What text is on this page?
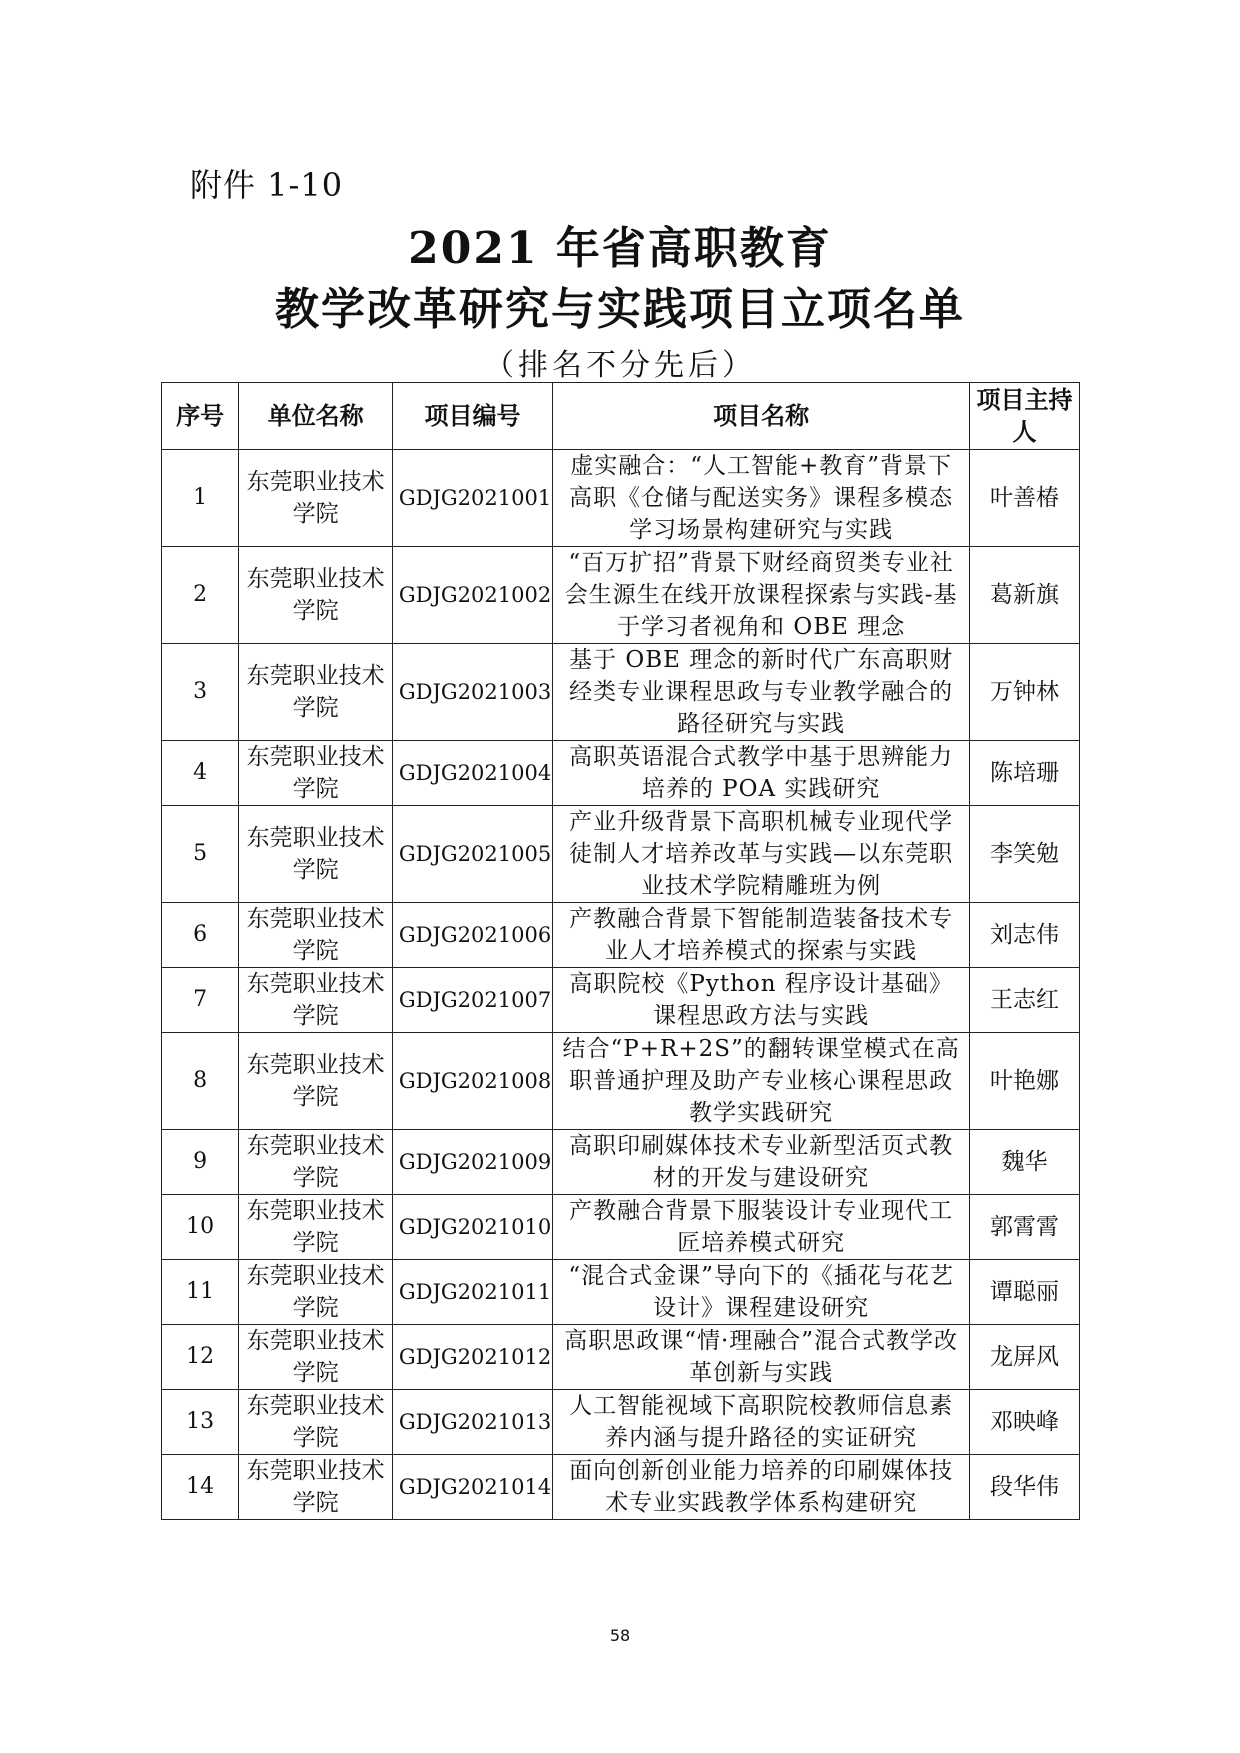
附件 1-10
2021 年省高职教育
教学改革研究与实践项目立项名单
（排名不分先后）
序号	单位名称	项目编号	项目名称	项目主持人
1	东莞职业技术学院	GDJG2021001	虚实融合：“人工智能+教育”背景下高职《仓储与配送实务》课程多模态学习场景构建研究与实践	叶善椿
2	东莞职业技术学院	GDJG2021002	“百万扩招”背景下财经商贸类专业社会生源生在线开放课程探索与实践-基于学习者视角和 OBE 理念	葛新旗
3	东莞职业技术学院	GDJG2021003	基于 OBE 理念的新时代广东高职财经类专业课程思政与专业教学融合的路径研究与实践	万钟林
4	东莞职业技术学院	GDJG2021004	高职英语混合式教学中基于思辨能力培养的 POA 实践研究	陈培珊
5	东莞职业技术学院	GDJG2021005	产业升级背景下高职机械专业现代学徒制人才培养改革与实践—以东莞职业技术学院精雕班为例	李笑勉
6	东莞职业技术学院	GDJG2021006	产教融合背景下智能制造装备技术专业人才培养模式的探索与实践	刘志伟
7	东莞职业技术学院	GDJG2021007	高职院校《Python 程序设计基础》课程思政方法与实践	王志红
8	东莞职业技术学院	GDJG2021008	结合“P+R+2S”的翻转课堂模式在高职普通护理及助产专业核心课程思政教学实践研究	叶艳娜
9	东莞职业技术学院	GDJG2021009	高职印刷媒体技术专业新型活页式教材的开发与建设研究	魏华
10	东莞职业技术学院	GDJG2021010	产教融合背景下服装设计专业现代工匠培养模式研究	郭霄霄
11	东莞职业技术学院	GDJG2021011	“混合式金课”导向下的《插花与花艺设计》课程建设研究	谭聪丽
12	东莞职业技术学院	GDJG2021012	高职思政课“情·理融合”混合式教学改革创新与实践	龙屏风
13	东莞职业技术学院	GDJG2021013	人工智能视域下高职院校教师信息素养内涵与提升路径的实证研究	邓映峰
14	东莞职业技术学院	GDJG2021014	面向创新创业能力培养的印刷媒体技术专业实践教学体系构建研究	段华伟
58
